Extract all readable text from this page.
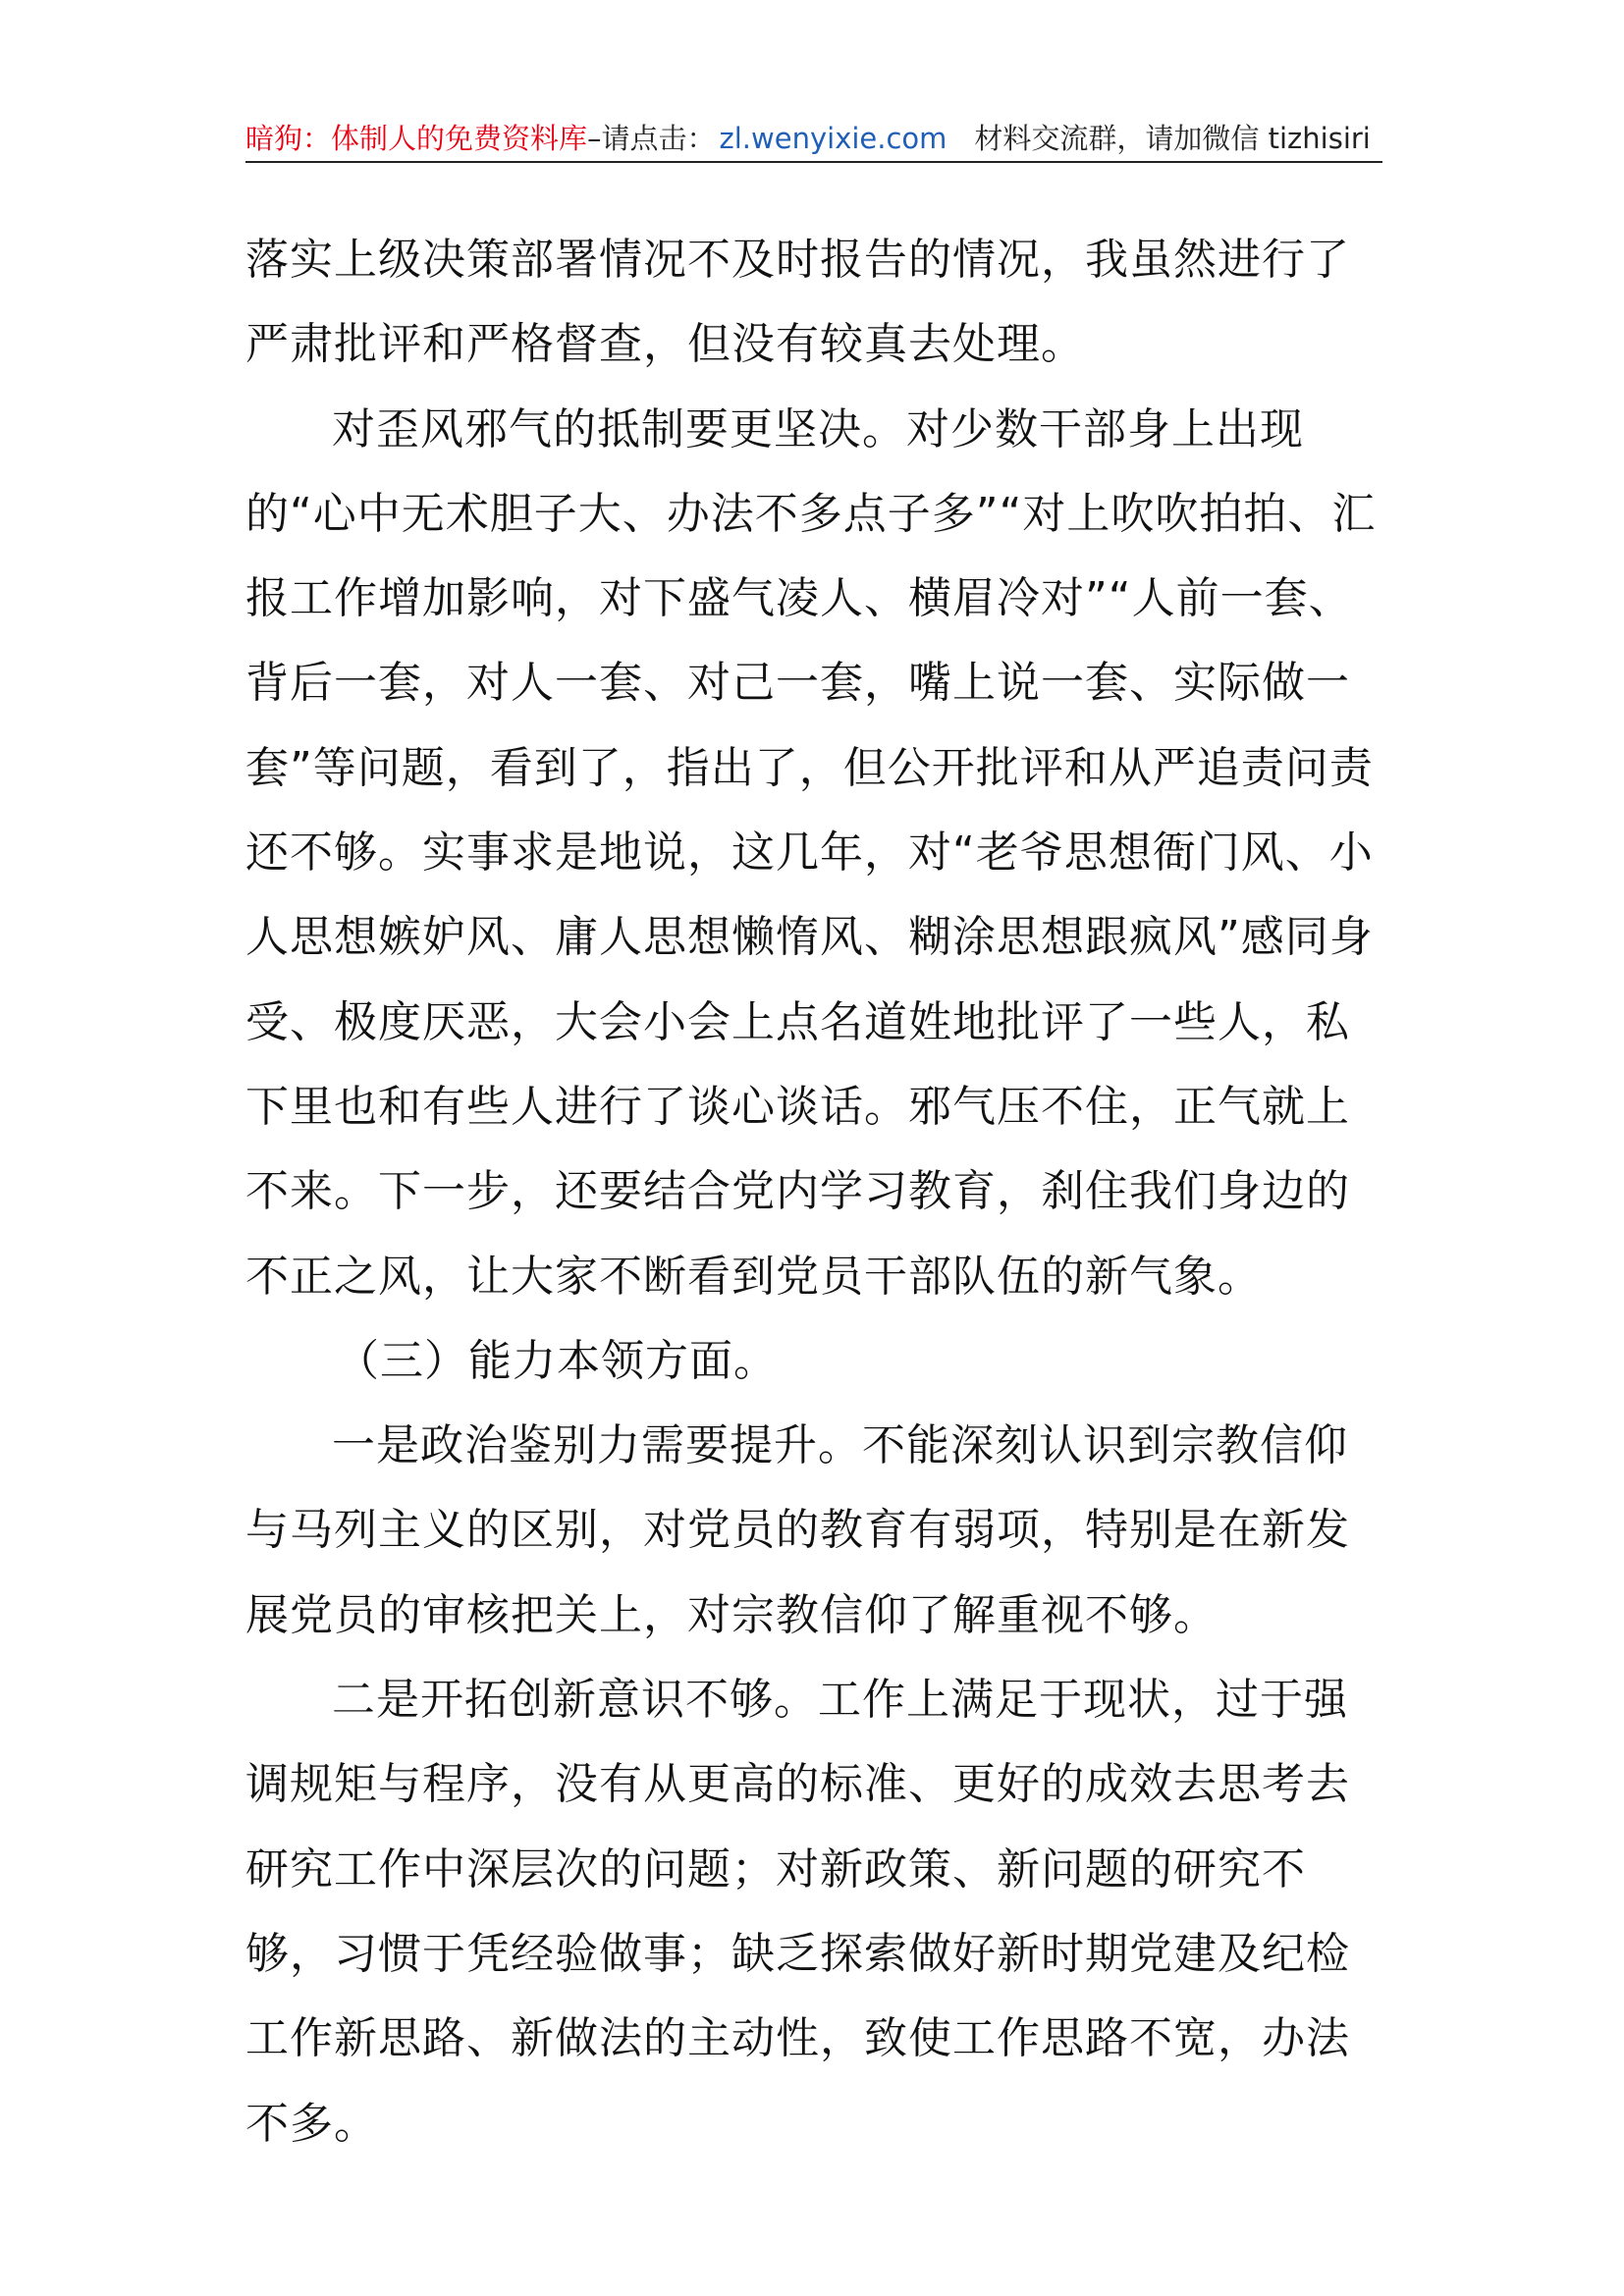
暗狗：体制人的免费资料库–请点击： zl.wenyixie.com 材料交流群，请加微信 tizhisiri

落实上级决策部署情况不及时报告的情况，我虽然进行了严肃批评和严格督查，但没有较真去处理。

对歪风邪气的抵制要更坚决。对少数干部身上出现的“心中无术胆子大、办法不多点子多”“对上吹吹拍拍、汇报工作增加影响，对下盛气凌人、横眉冷对”“人前一套、背后一套，对人一套、对己一套，嘴上说一套、实际做一套”等问题，看到了，指出了，但公开批评和从严追责问责还不够。实事求是地说，这几年，对“老爷思想衙门风、小人思想嫉妒风、庸人思想懒惰风、糊涂思想跟疯风”感同身受、极度厌恶，大会小会上点名道姓地批评了一些人，私下里也和有些人进行了谈心谈话。邪气压不住，正气就上不来。下一步，还要结合党内学习教育，刹住我们身边的不正之风，让大家不断看到党员干部队伍的新气象。

（三）能力本领方面。

一是政治鉴别力需要提升。不能深刻认识到宗教信仰与马列主义的区别，对党员的教育有弱项，特别是在新发展党员的审核把关上，对宗教信仰了解重视不够。

二是开拓创新意识不够。工作上满足于现状，过于强调规矩与程序，没有从更高的标准、更好的成效去思考去研究工作中深层次的问题；对新政策、新问题的研究不够，习惯于凭经验做事；缺乏探索做好新时期党建及纪检工作新思路、新做法的主动性，致使工作思路不宽，办法不多。
